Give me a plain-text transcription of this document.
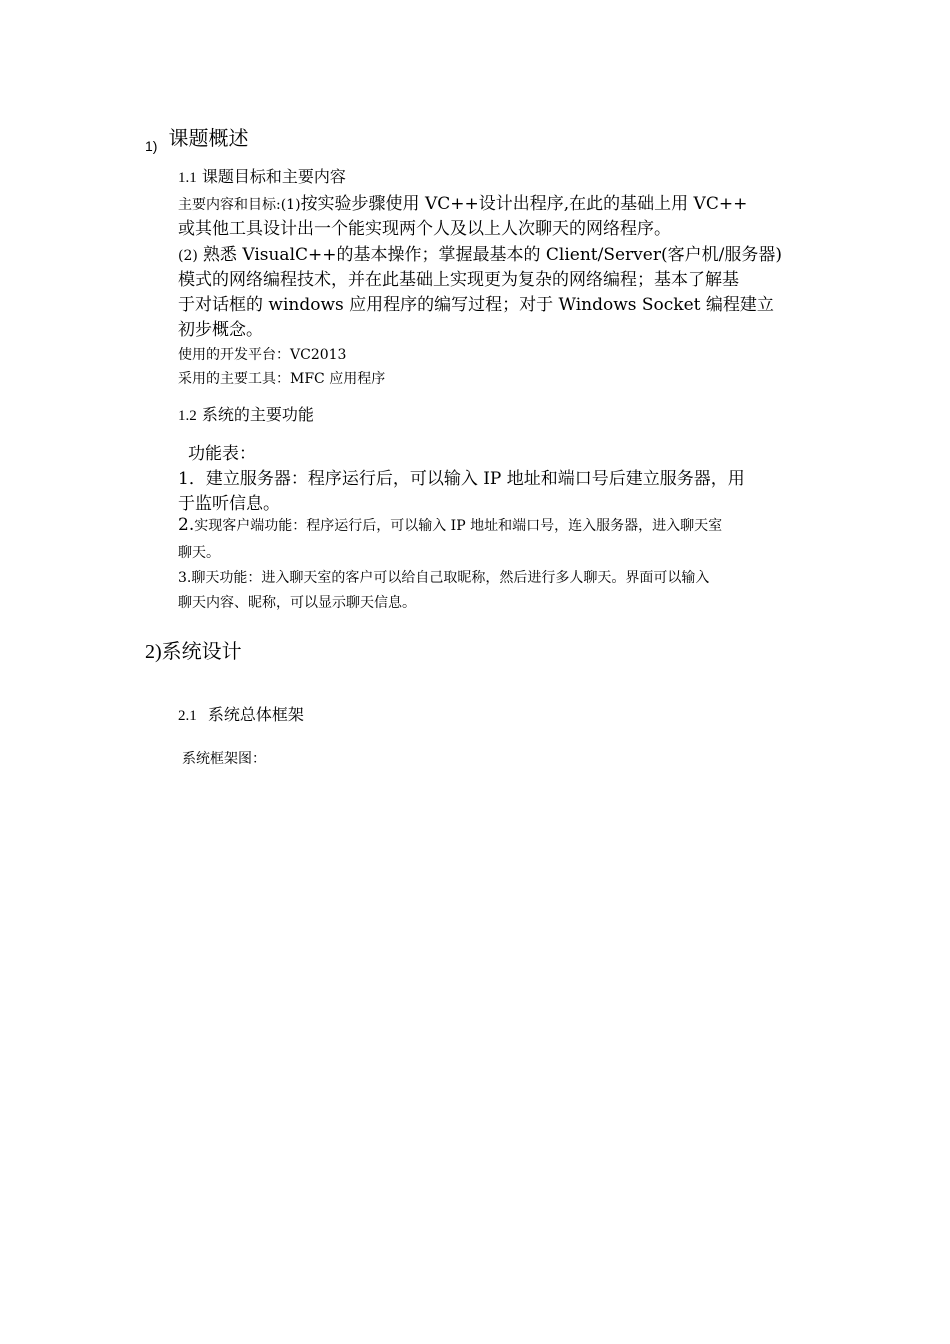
1) 课题概述
1.1 课题目标和主要内容
主要内容和目标:(1)按实验步骤使用 VC++设计出程序,在此的基础上用 VC++
或其他工具设计出一个能实现两个人及以上人次聊天的网络程序。
(2) 熟悉 VisualC++的基本操作；掌握最基本的 Client/Server(客户机/服务器)
模式的网络编程技术，并在此基础上实现更为复杂的网络编程；基本了解基
于对话框的 windows 应用程序的编写过程；对于 Windows Socket 编程建立
初步概念。
使用的开发平台：VC2013
采用的主要工具：MFC 应用程序
1.2 系统的主要功能
功能表：
1．建立服务器：程序运行后，可以输入 IP 地址和端口号后建立服务器，用
于监听信息。
2.实现客户端功能：程序运行后，可以输入 IP 地址和端口号，连入服务器，进入聊天室
聊天。
3.聊天功能：进入聊天室的客户可以给自己取昵称，然后进行多人聊天。界面可以输入
聊天内容、昵称，可以显示聊天信息。
2)系统设计
2.1 系统总体框架
系统框架图：
